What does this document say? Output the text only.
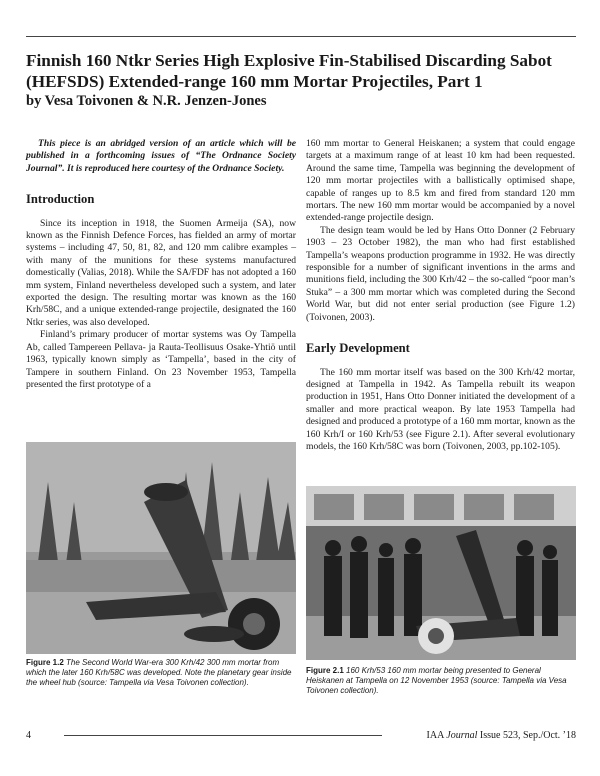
Finnish 160 Ntkr Series High Explosive Fin-Stabilised Discarding Sabot (HEFSDS) Extended-range 160 mm Mortar Projectiles, Part 1
by Vesa Toivonen & N.R. Jenzen-Jones

This piece is an abridged version of an article which will be published in a forthcoming issues of “The Ordnance Society Journal”. It is reproduced here courtesy of the Ordnance Society.

Introduction

Since its inception in 1918, the Suomen Armeija (SA), now known as the Finnish Defence Forces, has fielded an army of mortar systems – including 47, 50, 81, 82, and 120 mm calibre examples – with many of the munitions for these systems manufactured domestically (Valias, 2018). While the SA/FDF has not adopted a 160 mm system, Finland nevertheless developed such a system, and later exported the design. The resulting mortar was known as the 160 Krh/58C, and a unique extended-range projectile, designated the 160 Ntkr series, was also developed.

Finland’s primary producer of mortar systems was Oy Tampella Ab, called Tampereen Pellava- ja Rauta-Teollisuus Osake-Yhtiö until 1963, typically known simply as ‘Tampella’, based in the city of Tampere in southern Finland. On 23 November 1953, Tampella presented the first prototype of a

160 mm mortar to General Heiskanen; a system that could engage targets at a maximum range of at least 10 km had been requested. Around the same time, Tampella was beginning the development of 120 mm mortar projectiles with a ballistically optimised shape, capable of ranges up to 8.5 km and fired from standard 120 mm mortars. The new 160 mm mortar would be accompanied by a novel extended-range projectile design.

The design team would be led by Hans Otto Donner (2 February 1903 – 23 October 1982), the man who had first established Tampella’s weapons production programme in 1932. He was directly responsible for a number of significant inventions in the arms and munitions field, including the 300 Krh/42 – the so-called “poor man’s Stuka” – a 300 mm mortar which was completed during the Second World War, but did not enter serial production (see Figure 1.2) (Toivonen, 2003).

Early Development

The 160 mm mortar itself was based on the 300 Krh/42 mortar, designed at Tampella in 1942. As Tampella rebuilt its weapon production in 1951, Hans Otto Donner initiated the development of a smaller and more practical weapon. By late 1953 Tampella had designed and produced a prototype of a 160 mm mortar, known as the 160 Krh/I or 160 Krh/53 (see Figure 2.1). After several evolutionary models, the 160 Krh/58C was born (Toivonen, 2003, pp.102-105).

Figure 1.2 The Second World War-era 300 Krh/42 300 mm mortar from which the later 160 Krh/58C was developed. Note the planetary gear inside the wheel hub (source: Tampella via Vesa Toivonen collection).
Figure 2.1 160 Krh/53 160 mm mortar being presented to General Heiskanen at Tampella on 12 November 1953 (source: Tampella via Vesa Toivonen collection).
4	IAA Journal Issue 523, Sep./Oct. ’18
